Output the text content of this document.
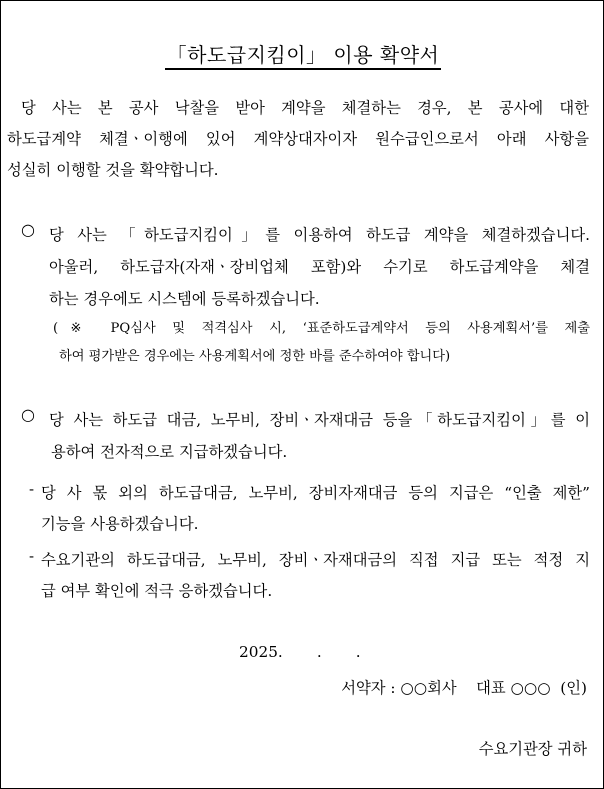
「하도급지킴이」 이용 확약서
당 사는 본 공사 낙찰을 받아 계약을 체결하는 경우, 본 공사에 대한
하도급계약 체결ㆍ이행에 있어 계약상대자이자 원수급인으로서 아래 사항을
성실히 이행할 것을 확약합니다.
○ 당 사는 「하도급지킴이」를 이용하여 하도급 계약을 체결하겠습니다.
아울러, 하도급자(자재ㆍ장비업체 포함)와 수기로 하도급계약을 체결
하는 경우에도 시스템에 등록하겠습니다.
(※ PQ심사 및 적격심사 시, ‘표준하도급계약서 등의 사용계획서’를 제출
하여 평가받은 경우에는 사용계획서에 정한 바를 준수하여야 합니다)
○ 당 사는 하도급 대금, 노무비, 장비ㆍ자재대금 등을「하도급지킴이」를 이
용하여 전자적으로 지급하겠습니다.
- 당 사 몫 외의 하도급대금, 노무비, 장비자재대금 등의 지급은 “인출 제한”
기능을 사용하겠습니다.
- 수요기관의 하도급대금, 노무비, 장비ㆍ자재대금의 직접 지급 또는 적정 지
급 여부 확인에 적극 응하겠습니다.
2025.       .       .
서약자 : ○○회사    대표 ○○○  (인)
수요기관장 귀하
